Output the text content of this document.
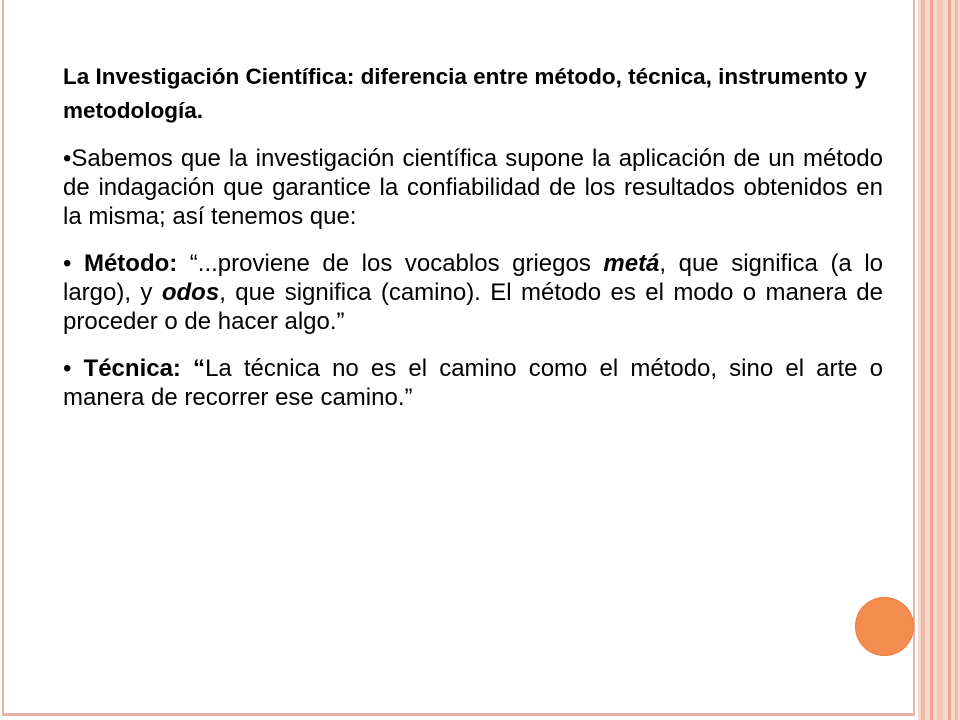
La Investigación Científica: diferencia entre método, técnica, instrumento y metodología.

•Sabemos que la investigación científica supone la aplicación de un método de indagación que garantice la confiabilidad de los resultados obtenidos en la misma; así tenemos que:

• Método: “...proviene de los vocablos griegos metá, que significa (a lo largo), y odos, que significa (camino). El método es el modo o manera de proceder o de hacer algo.”

• Técnica: “La técnica no es el camino como el método, sino el arte o manera de recorrer ese camino.”
